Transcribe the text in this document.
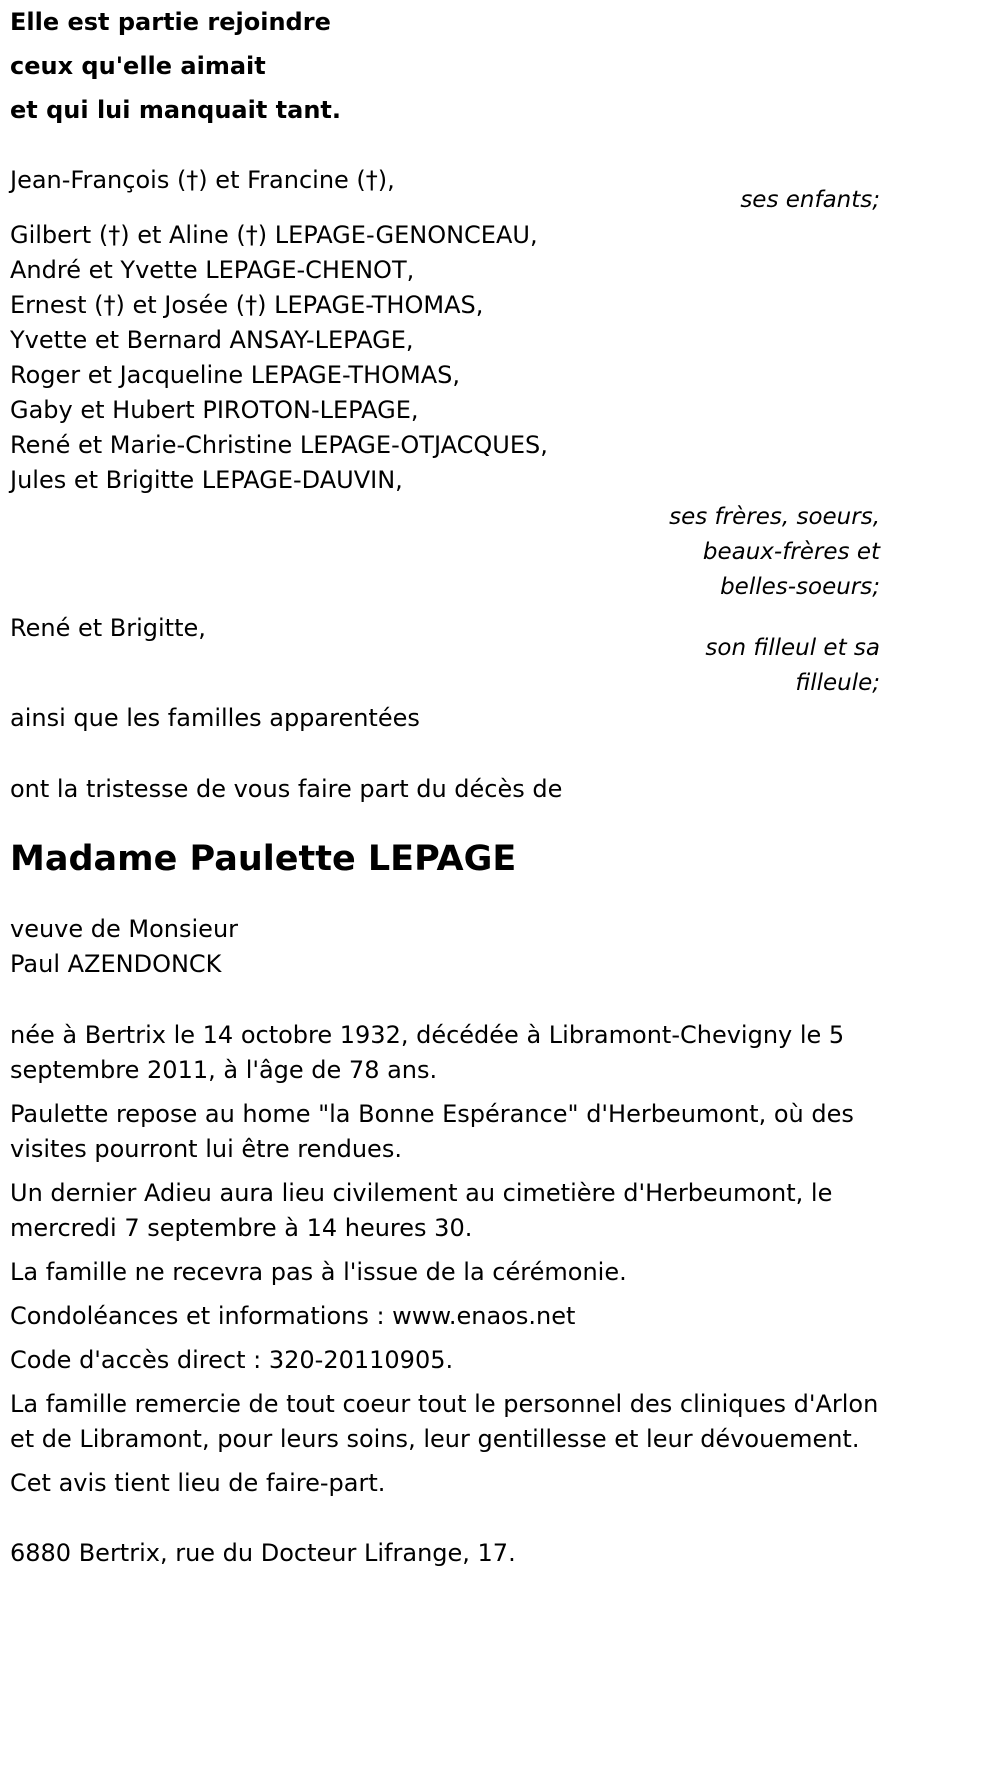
Elle est partie rejoindre
ceux qu'elle aimait
et qui lui manquait tant.
Jean-François (†) et Francine (†),
ses enfants;
Gilbert (†) et Aline (†) LEPAGE-GENONCEAU,
André et Yvette LEPAGE-CHENOT,
Ernest (†) et Josée (†) LEPAGE-THOMAS,
Yvette et Bernard ANSAY-LEPAGE,
Roger et Jacqueline LEPAGE-THOMAS,
Gaby et Hubert PIROTON-LEPAGE,
René et Marie-Christine LEPAGE-OTJACQUES,
Jules et Brigitte LEPAGE-DAUVIN,
ses frères, soeurs,
beaux-frères et
belles-soeurs;
René et Brigitte,
son filleul et sa
filleule;
ainsi que les familles apparentées
ont la tristesse de vous faire part du décès de
Madame Paulette LEPAGE
veuve de Monsieur
Paul AZENDONCK
née à Bertrix le 14 octobre 1932, décédée à Libramont-Chevigny le 5 septembre 2011, à l'âge de 78 ans.
Paulette repose au home "la Bonne Espérance" d'Herbeumont, où des visites pourront lui être rendues.
Un dernier Adieu aura lieu civilement au cimetière d'Herbeumont, le mercredi 7 septembre à 14 heures 30.
La famille ne recevra pas à l'issue de la cérémonie.
Condoléances et informations : www.enaos.net
Code d'accès direct : 320-20110905.
La famille remercie de tout coeur tout le personnel des cliniques d'Arlon et de Libramont, pour leurs soins, leur gentillesse et leur dévouement.
Cet avis tient lieu de faire-part.
6880 Bertrix, rue du Docteur Lifrange, 17.
